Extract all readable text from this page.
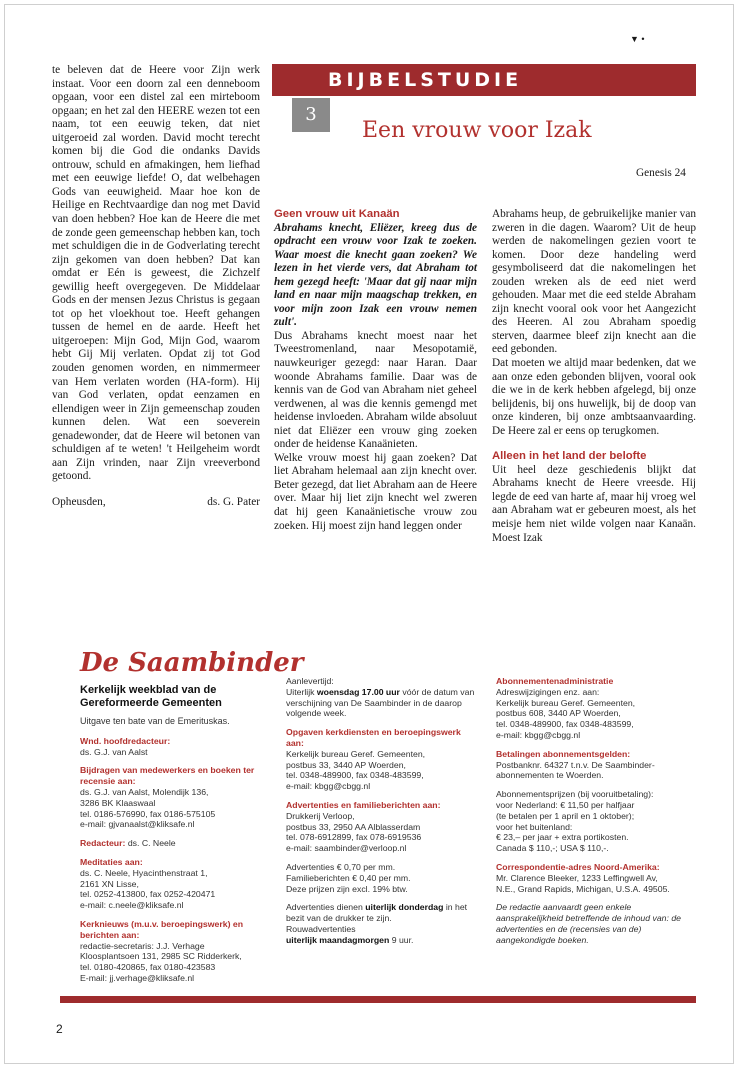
▼ •

te beleven dat de Heere voor Zijn werk instaat. Voor een doorn zal een denneboom opgaan, voor een distel zal een mirteboom opgaan; en het zal den HEERE wezen tot een naam, tot een eeuwig teken, dat niet uitgeroeid zal worden. David mocht terecht komen bij die God die ondanks Davids ontrouw, schuld en afmakingen, hem liefhad met een eeuwige liefde! O, dat welbehagen Gods van eeuwigheid. Maar hoe kon de Heilige en Rechtvaardige dan nog met David van doen hebben? Hoe kan de Heere die met de zonde geen gemeenschap hebben kan, toch met schuldigen die in de Godverlating terecht zijn gekomen van doen hebben? Dat kan omdat er Eén is geweest, die Zichzelf gewillig heeft overgegeven. De Middelaar Gods en der mensen Jezus Christus is gegaan tot op het vloekhout toe. Heeft gehangen tussen de hemel en de aarde. Heeft het uitgeroepen: Mijn God, Mijn God, waarom hebt Gij Mij verlaten. Opdat zij tot God zouden genomen worden, en nimmermeer van Hem verlaten worden (HA-form). Hij van God verlaten, opdat eenzamen en ellendigen weer in Zijn gemeenschap zouden kunnen delen. Wat een soeverein genadewonder, dat de Heere wil betonen van schuldigen af te weten! 't Heilgeheim wordt aan Zijn vrinden, naar Zijn vreeverbond getoond.

Opheusden,	ds. G. Pater
BIJBELSTUDIE
3
Een vrouw voor Izak
Genesis 24
Geen vrouw uit Kanaän

Abrahams knecht, Eliëzer, kreeg dus de opdracht een vrouw voor Izak te zoeken. Waar moest die knecht gaan zoeken? We lezen in het vierde vers, dat Abraham tot hem gezegd heeft: 'Maar dat gij naar mijn land en naar mijn maagschap trekken, en voor mijn zoon Izak een vrouw nemen zult'.

Dus Abrahams knecht moest naar het Tweestromenland, naar Mesopotamië, nauwkeuriger gezegd: naar Haran. Daar woonde Abrahams familie. Daar was de kennis van de God van Abraham niet geheel verdwenen, al was die kennis gemengd met heidense invloeden. Abraham wilde absoluut niet dat Eliëzer een vrouw ging zoeken onder de heidense Kanaänieten.

Welke vrouw moest hij gaan zoeken? Dat liet Abraham helemaal aan zijn knecht over. Beter gezegd, dat liet Abraham aan de Heere over. Maar hij liet zijn knecht wel zweren dat hij geen Kanaänietische vrouw zou zoeken. Hij moest zijn hand leggen onder

Abrahams heup, de gebruikelijke manier van zweren in die dagen. Waarom? Uit de heup werden de nakomelingen gezien voort te komen. Door deze handeling werd gesymboliseerd dat die nakomelingen het zouden wreken als de eed niet werd gehouden. Maar met die eed stelde Abraham zijn knecht vooral ook voor het Aangezicht des Heeren. Al zou Abraham spoedig sterven, daarmee bleef zijn knecht aan die eed gebonden.

Dat moeten we altijd maar bedenken, dat we aan onze eden gebonden blijven, vooral ook die we in de kerk hebben afgelegd, bij onze belijdenis, bij ons huwelijk, bij de doop van onze kinderen, bij onze ambtsaanvaarding. De Heere zal er eens op terugkomen.

Alleen in het land der belofte

Uit heel deze geschiedenis blijkt dat Abrahams knecht de Heere vreesde. Hij legde de eed van harte af, maar hij vroeg wel aan Abraham wat er gebeuren moest, als het meisje hem niet wilde volgen naar Kanaän. Moest Izak

De Saambinder
Kerkelijk weekblad van de Gereformeerde Gemeenten
Uitgave ten bate van de Emerituskas.
Wnd. hoofdredacteur:
ds. G.J. van Aalst
Bijdragen van medewerkers en boeken ter recensie aan:
ds. G.J. van Aalst, Molendijk 136,
3286 BK Klaaswaal
tel. 0186-576990, fax 0186-575105
e-mail: gjvanaalst@kliksafe.nl
Redacteur: ds. C. Neele
Meditaties aan:
ds. C. Neele, Hyacinthenstraat 1,
2161 XN Lisse,
tel. 0252-413800, fax 0252-420471
e-mail: c.neele@kliksafe.nl
Kerknieuws (m.u.v. beroepingswerk) en berichten aan:
redactie-secretaris: J.J. Verhage
Kloosplantsoen 131, 2985 SC Ridderkerk,
tel. 0180-420865, fax 0180-423583
E-mail: jj.verhage@kliksafe.nl
Aanlevertijd:
Uiterlijk woensdag 17.00 uur vóór de datum van verschijning van De Saambinder in de daarop volgende week.
Opgaven kerkdiensten en beroepingswerk aan:
Kerkelijk bureau Geref. Gemeenten,
postbus 33, 3440 AP Woerden,
tel. 0348-489900, fax 0348-483599,
e-mail: kbgg@cbgg.nl
Advertenties en familieberichten aan:
Drukkerij Verloop,
postbus 33, 2950 AA Alblasserdam
tel. 078-6912899, fax 078-6919536
e-mail: saambinder@verloop.nl
Advertenties € 0,70 per mm.
Familieberichten € 0,40 per mm.
Deze prijzen zijn excl. 19% btw.
Advertenties dienen uiterlijk donderdag in het bezit van de drukker te zijn.
Rouwadvertenties
uiterlijk maandagmorgen 9 uur.
Abonnementenadministratie
Adreswijzigingen enz. aan:
Kerkelijk bureau Geref. Gemeenten,
postbus 608, 3440 AP Woerden,
tel. 0348-489900, fax 0348-483599,
e-mail: kbgg@cbgg.nl
Betalingen abonnementsgelden:
Postbanknr. 64327 t.n.v. De Saambinder-
abonnementen te Woerden.
Abonnementsprijzen (bij vooruitbetaling):
voor Nederland: € 11,50 per halfjaar
(te betalen per 1 april en 1 oktober);
voor het buitenland:
€ 23,– per jaar + extra portikosten.
Canada $ 110,-; USA $ 110,-.
Correspondentie-adres Noord-Amerika:
Mr. Clarence Bleeker, 1233 Leffingwell Av,
N.E., Grand Rapids, Michigan, U.S.A. 49505.
De redactie aanvaardt geen enkele aansprakelijkheid betreffende de inhoud van: de advertenties en de (recensies van de) aangekondigde boeken.
2
